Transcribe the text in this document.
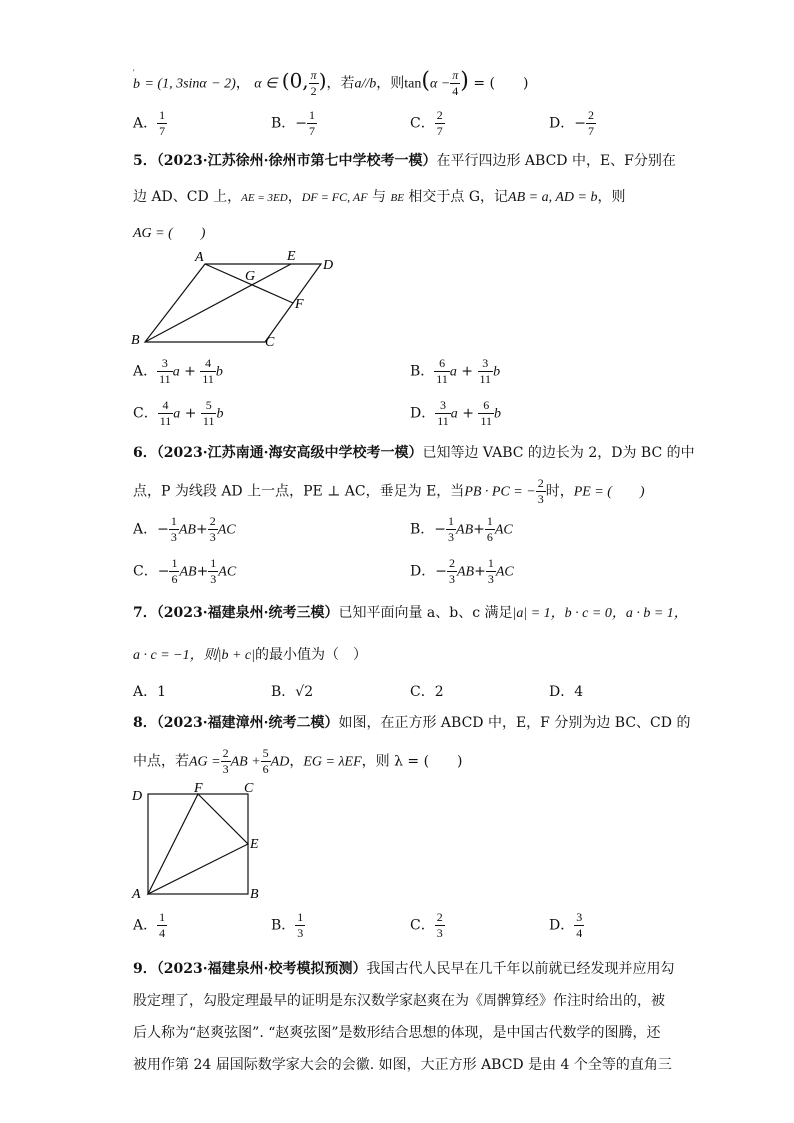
'
b = (1, 3sinα − 2)， α ∈ (0, $\frac{\pi}{2}$ )，若a//b，则$\tan(\alpha - \frac{\pi}{4}$ ) = (　　)
A． $\frac{1}{7}$	B．− $\frac{1}{7}$	C． $\frac{2}{7}$	D．− $\frac{2}{7}$
5．（2023·江苏徐州·徐州市第七中学校考一模）在平行四边形 ABCD 中，E、F分别在
边 AD、CD 上，AE = 3ED，DF = FC, AF 与 BE 相交于点 G，记AB = a, AD = b，则
AG = (　　)
A	E
D
G
F
B	C
A． $\frac{3}{11}$ $a + \frac{4}{11}$ b	B． $\frac{6}{11}$ $a + \frac{3}{11}$ b
C． $\frac{4}{11}$ $a + \frac{5}{11}$ b	D． $\frac{3}{11}$ $a + \frac{6}{11}$ b
6．（2023·江苏南通·海安高级中学校考一模）已知等边 VABC 的边长为 2，D为 BC 的中
点，P 为线段 AD 上一点，PE ⊥ AC，垂足为 E，当PB · PC = − $\frac{2}{3}$ 时，PE = (　　)
A．− $\frac{1}{3} AB+ \frac{2}{3}$ AC	B．− $\frac{1}{3} AB+ \frac{1}{6}$ AC
C．− $\frac{1}{6} AB+ \frac{1}{3}$ AC	D．− $\frac{2}{3} AB+ \frac{1}{3}$ AC
7．（2023·福建泉州·统考三模）已知平面向量 a、b、c 满足|a| = 1，b · c = 0，a · b = 1，
a · c = −1，则|b + c|的最小值为（　）
A．1	B．√2	C．2	D．4
8．（2023·福建漳州·统考二模）如图，在正方形 ABCD 中，E，F 分别为边 BC、CD 的
中点，若AG = $\frac{2}{3}$ AB + $\frac{5}{6}$ AD，EG = λEF，则 λ = (　　)
D
F	C
E
A	B
A． $\frac{1}{4}$	B． $\frac{1}{3}$	C． $\frac{2}{3}$	D． $\frac{3}{4}$
9．（2023·福建泉州·校考模拟预测）我国古代人民早在几千年以前就已经发现并应用勾
股定理了，勾股定理最早的证明是东汉数学家赵爽在为《周髀算经》作注时给出的，被
后人称为“赵爽弦图”. “赵爽弦图”是数形结合思想的体现，是中国古代数学的图腾，还
被用作第 24 届国际数学家大会的会徽. 如图，大正方形 ABCD 是由 4 个全等的直角三
